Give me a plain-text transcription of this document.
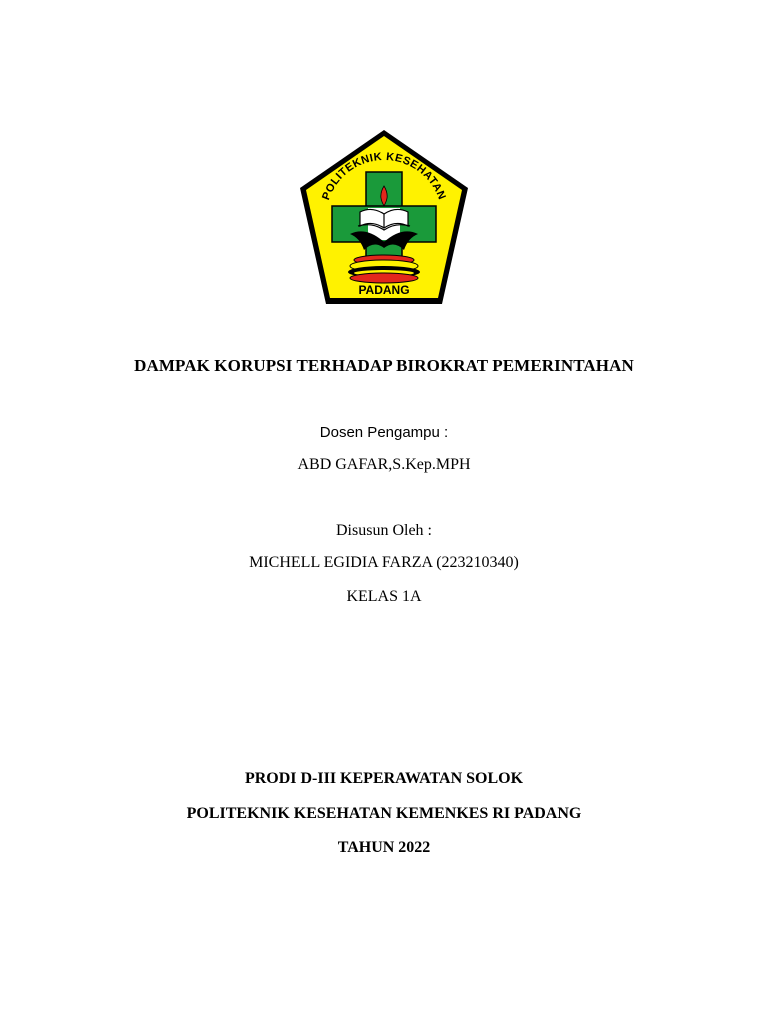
POLITEKNIK KESEHATAN
PADANG
DAMPAK KORUPSI TERHADAP BIROKRAT PEMERINTAHAN
Dosen Pengampu :
ABD GAFAR,S.Kep.MPH
Disusun Oleh :
MICHELL EGIDIA FARZA (223210340)
KELAS 1A
PRODI D-III KEPERAWATAN SOLOK
POLITEKNIK KESEHATAN KEMENKES RI PADANG
TAHUN 2022
